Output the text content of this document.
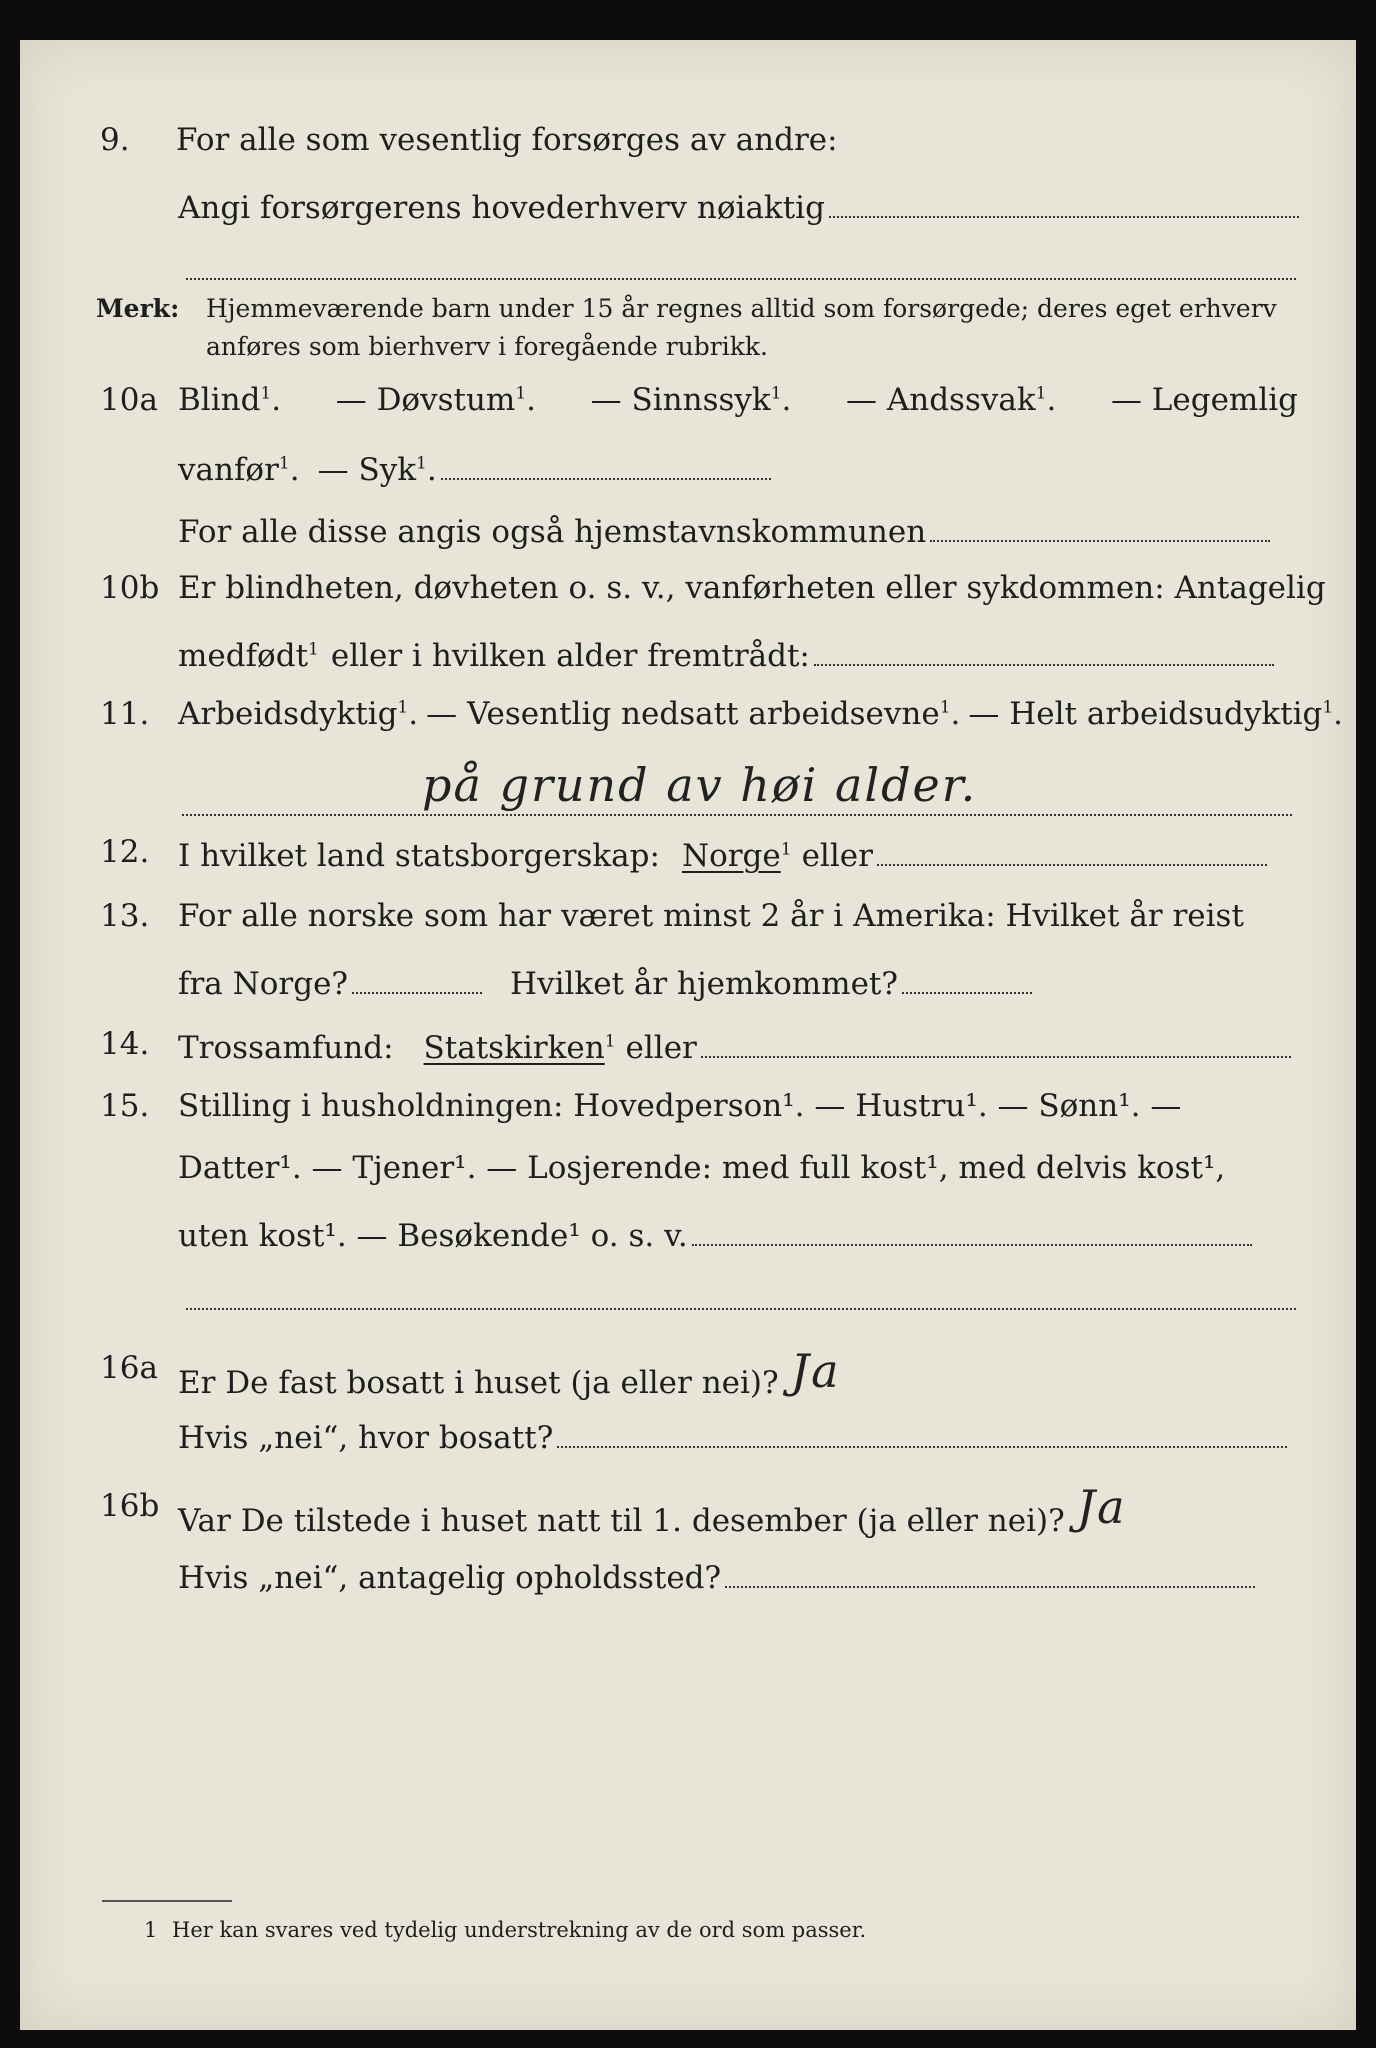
9. For alle som vesentlig forsørges av andre:
Angi forsørgerens hovederhverv nøiaktig
Merk: Hjemmeværende barn under 15 år regnes alltid som forsørgede; deres eget erhverv
anføres som bierhverv i foregående rubrikk.
10a Blind$^1$. — Døvstum$^1$. — Sinnssyk$^1$. — Andssvak$^1$. — Legemlig
vanfør$^1$. — Syk$^1$.
For alle disse angis også hjemstavnskommunen
10b Er blindheten, døvheten o. s. v., vanførheten eller sykdommen: Antagelig
medfødt$^1$ eller i hvilken alder fremtrådt:
11. Arbeidsdyktig$^1$. — Vesentlig nedsatt arbeidsevne$^1$. — Helt arbeidsudyktig$^1$.
på grund av høi alder.
12. I hvilket land statsborgerskap: Norge$^1$ eller
13. For alle norske som har været minst 2 år i Amerika: Hvilket år reist
fra Norge?	Hvilket år hjemkommet?
14. Trossamfund: Statskirken$^1$ eller
15. Stilling i husholdningen: Hovedperson¹. — Hustru¹. — Sønn¹. —
Datter¹. — Tjener¹. — Losjerende: med full kost¹, med delvis kost¹,
uten kost¹. — Besøkende¹ o. s. v.
16a Er De fast bosatt i huset (ja eller nei)? Ja
Hvis „nei“, hvor bosatt?
16b Var De tilstede i huset natt til 1. desember (ja eller nei)? Ja
Hvis „nei“, antagelig opholdssted?
1 Her kan svares ved tydelig understrekning av de ord som passer.
